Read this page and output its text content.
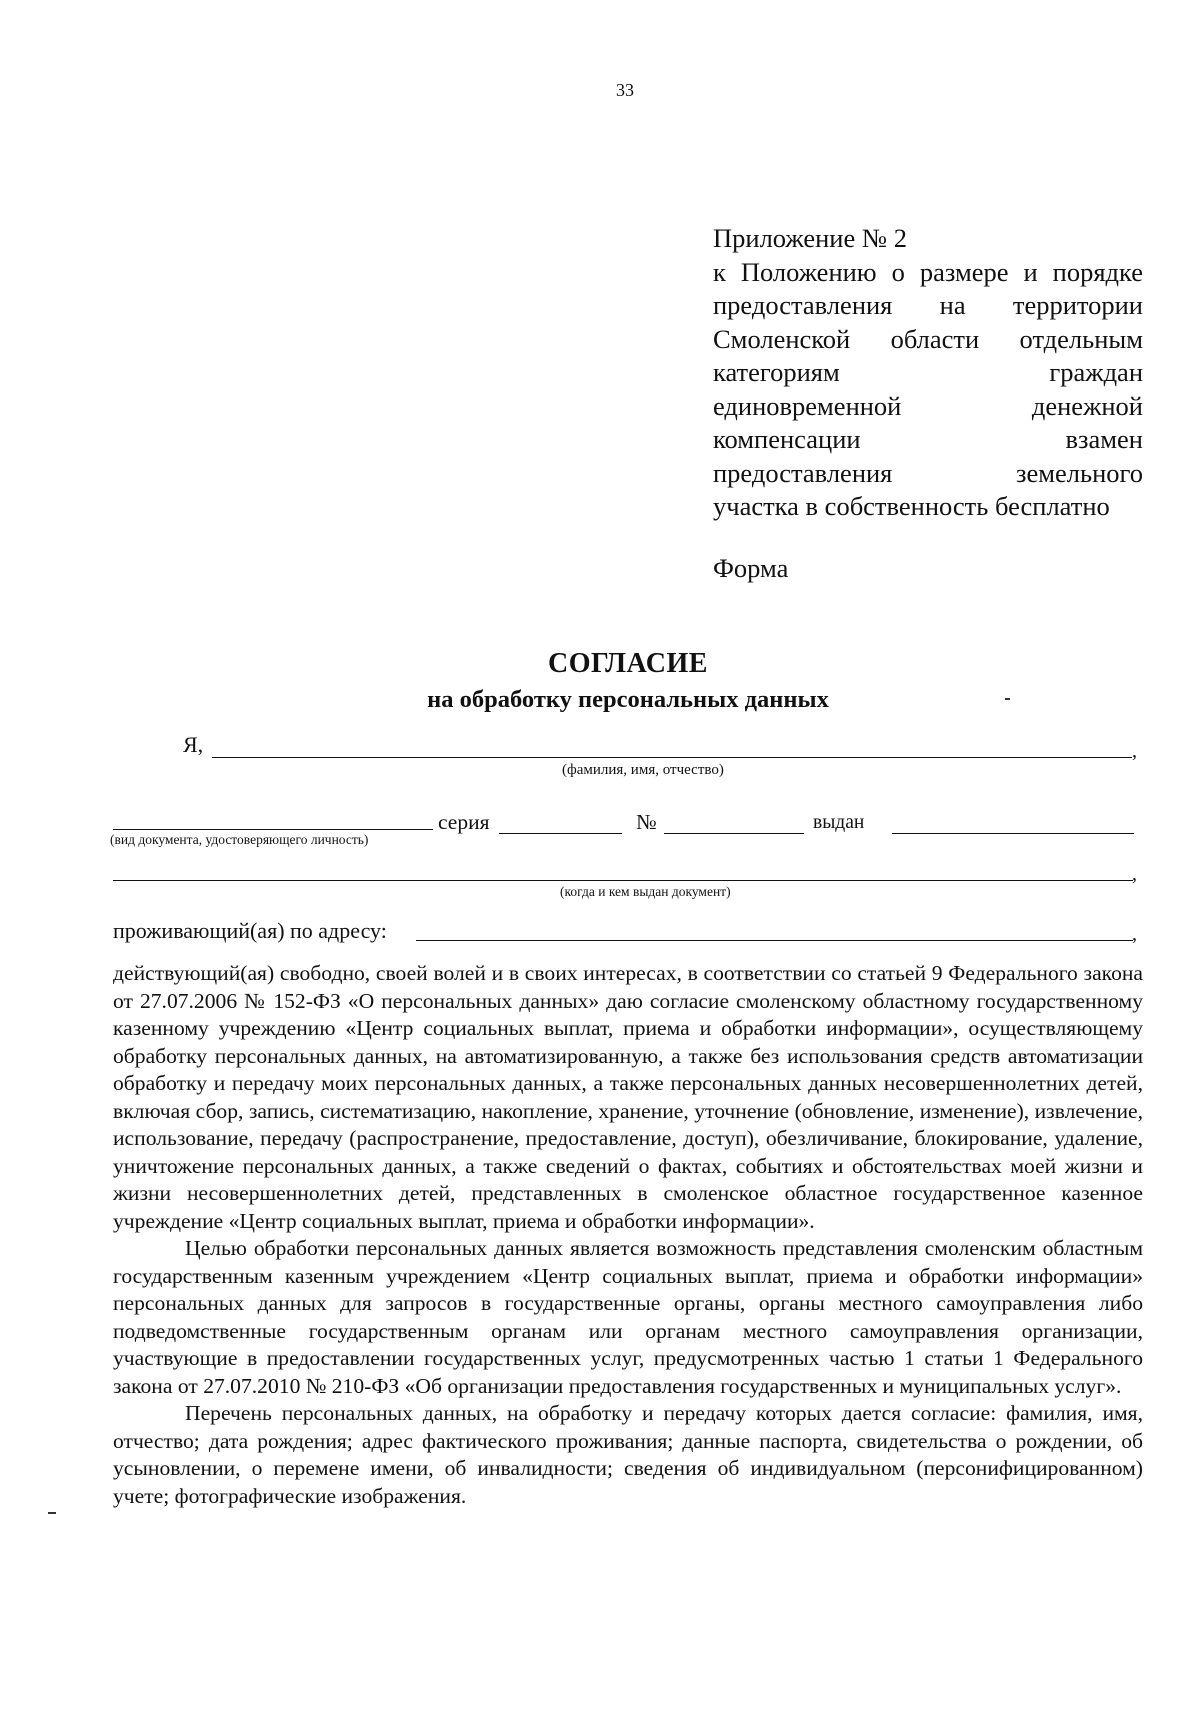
33
Приложение № 2
к Положению о размере и порядке
предоставления на территории
Смоленской области отдельным
категориям граждан
единовременной денежной
компенсации взамен
предоставления земельного
участка в собственность бесплатно
Форма
СОГЛАСИЕ
на обработку персональных данных
Я,	,
(фамилия, имя, отчество)
(вид документа, удостоверяющего личность)
серия	№	выдан
,
(когда и кем выдан документ)
проживающий(ая) по адресу:	,

действующий(ая) свободно, своей волей и в своих интересах, в соответствии со статьей 9 Федерального закона от 27.07.2006 № 152-ФЗ «О персональных данных» даю согласие смоленскому областному государственному казенному учреждению «Центр социальных выплат, приема и обработки информации», осуществляющему обработку персональных данных, на автоматизированную, а также без использования средств автоматизации обработку и передачу моих персональных данных, а также персональных данных несовершеннолетних детей, включая сбор, запись, систематизацию, накопление, хранение, уточнение (обновление, изменение), извлечение, использование, передачу (распространение, предоставление, доступ), обезличивание, блокирование, удаление, уничтожение персональных данных, а также сведений о фактах, событиях и обстоятельствах моей жизни и жизни несовершеннолетних детей, представленных в смоленское областное государственное казенное учреждение «Центр социальных выплат, приема и обработки информации».

Целью обработки персональных данных является возможность представления смоленским областным государственным казенным учреждением «Центр социальных выплат, приема и обработки информации» персональных данных для запросов в государственные органы, органы местного самоуправления либо подведомственные государственным органам или органам местного самоуправления организации, участвующие в предоставлении государственных услуг, предусмотренных частью 1 статьи 1 Федерального закона от 27.07.2010 № 210-ФЗ «Об организации предоставления государственных и муниципальных услуг».

Перечень персональных данных, на обработку и передачу которых дается согласие: фамилия, имя, отчество; дата рождения; адрес фактического проживания; данные паспорта, свидетельства о рождении, об усыновлении, о перемене имени, об инвалидности; сведения об индивидуальном (персонифицированном) учете; фотографические изображения.
